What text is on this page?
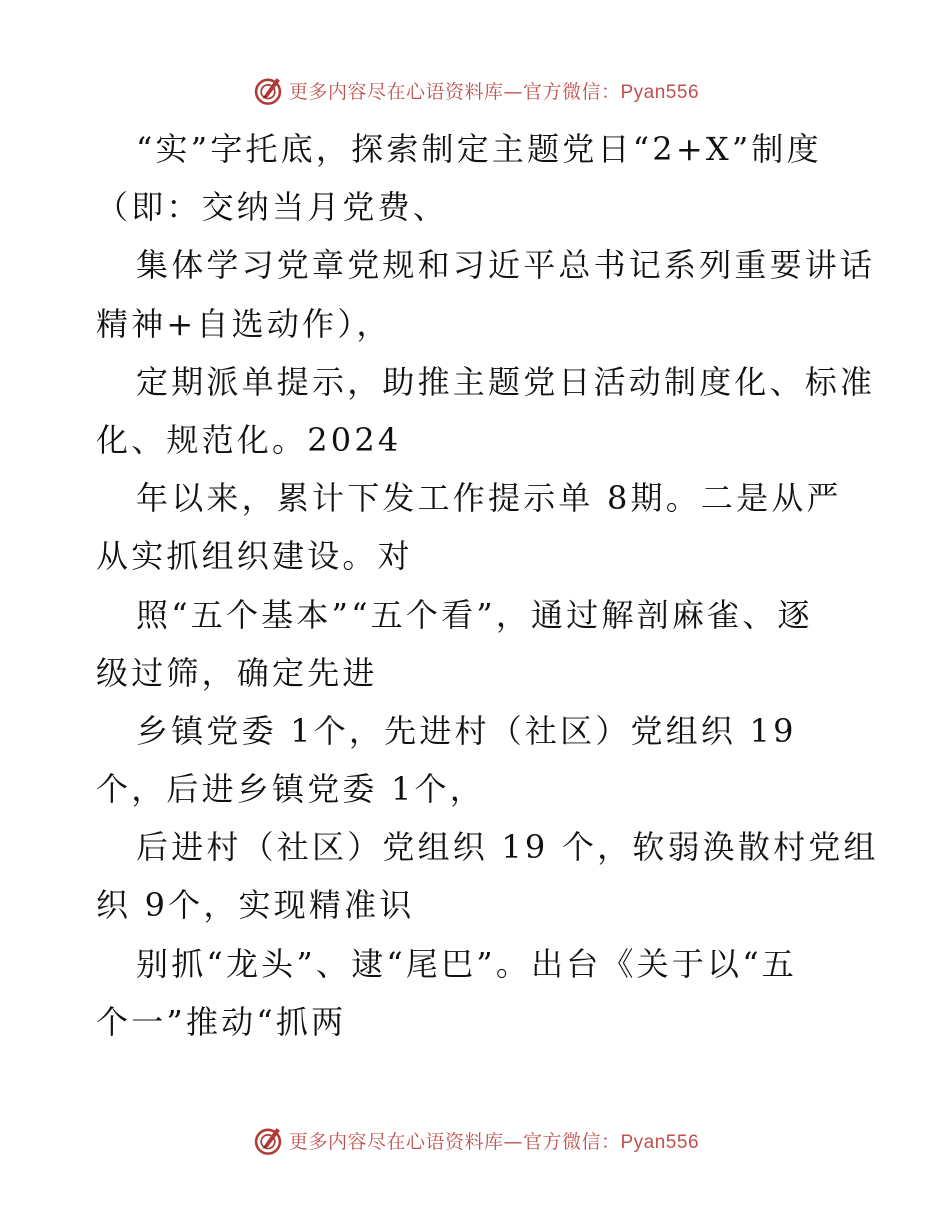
更多内容尽在心语资料库—官方微信：Pyan556
“实”字托底，探索制定主题党日“2+X”制度
（即：交纳当月党费、
集体学习党章党规和习近平总书记系列重要讲话
精神+自选动作），
定期派单提示，助推主题党日活动制度化、标准
化、规范化。2024
年以来，累计下发工作提示单 8期。二是从严
从实抓组织建设。对
照“五个基本”“五个看”，通过解剖麻雀、逐
级过筛，确定先进
乡镇党委 1个，先进村（社区）党组织 19
个，后进乡镇党委 1个，
后进村（社区）党组织 19 个，软弱涣散村党组
织 9个，实现精准识
别抓“龙头”、逮“尾巴”。出台《关于以“五
个一”推动“抓两
更多内容尽在心语资料库—官方微信：Pyan556
